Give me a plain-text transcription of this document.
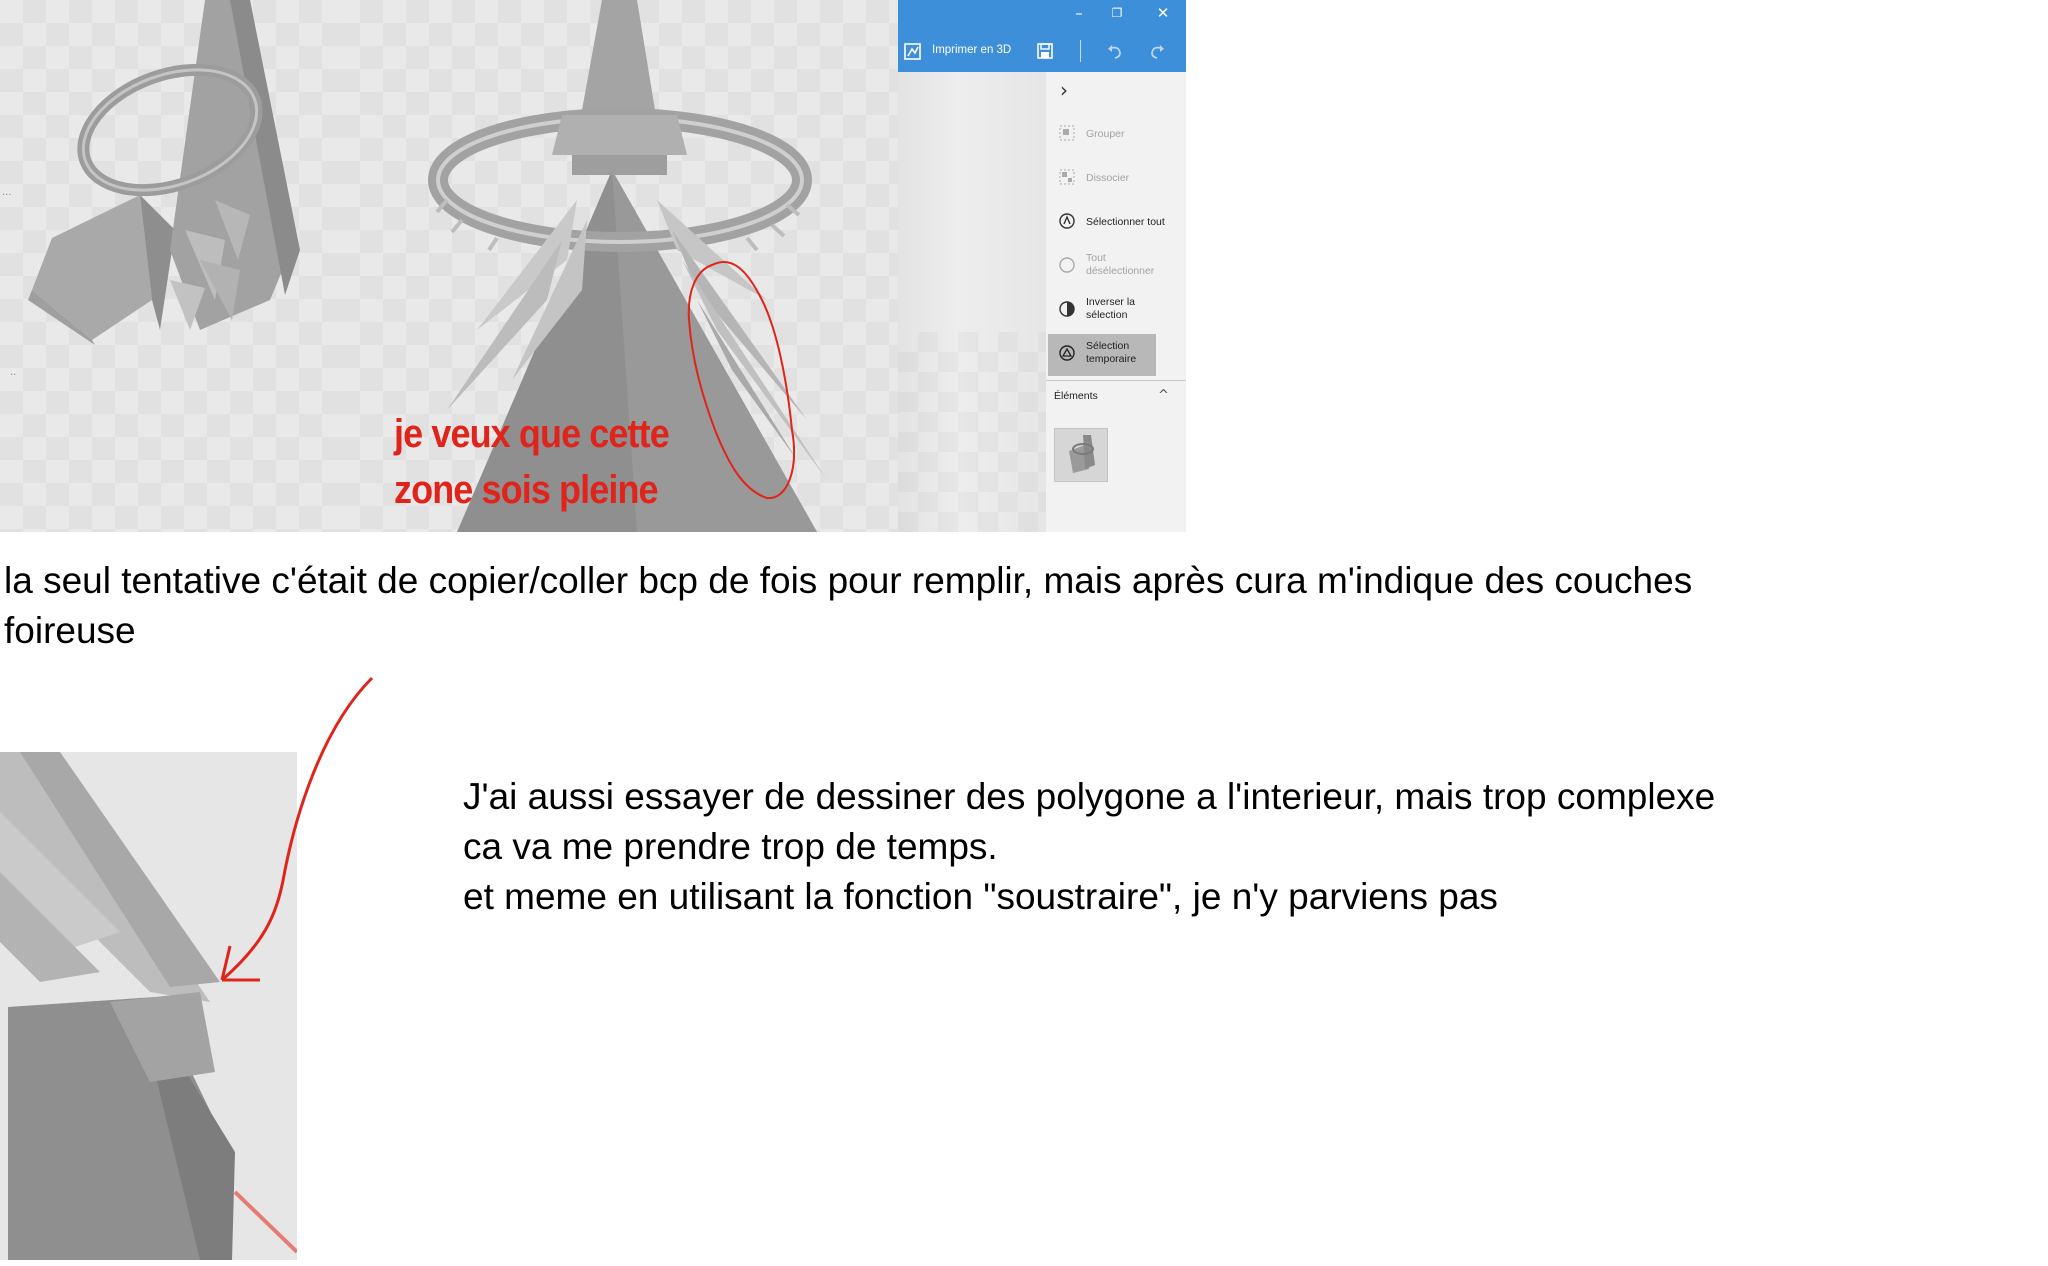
...
..
je veux que cette
zone sois pleine
–	❐	✕
Imprimer en 3D
›
Grouper
Dissocier
Sélectionner tout
Tout désélectionner
Inverser la sélection
Sélection temporaire
Éléments	^
la seul tentative c'était de copier/coller bcp de fois pour remplir, mais après cura m'indique des couches
foireuse
J'ai aussi essayer de dessiner des polygone a l'interieur, mais trop complexe
ca va me prendre trop de temps.
et meme en utilisant la fonction "soustraire", je n'y parviens pas
